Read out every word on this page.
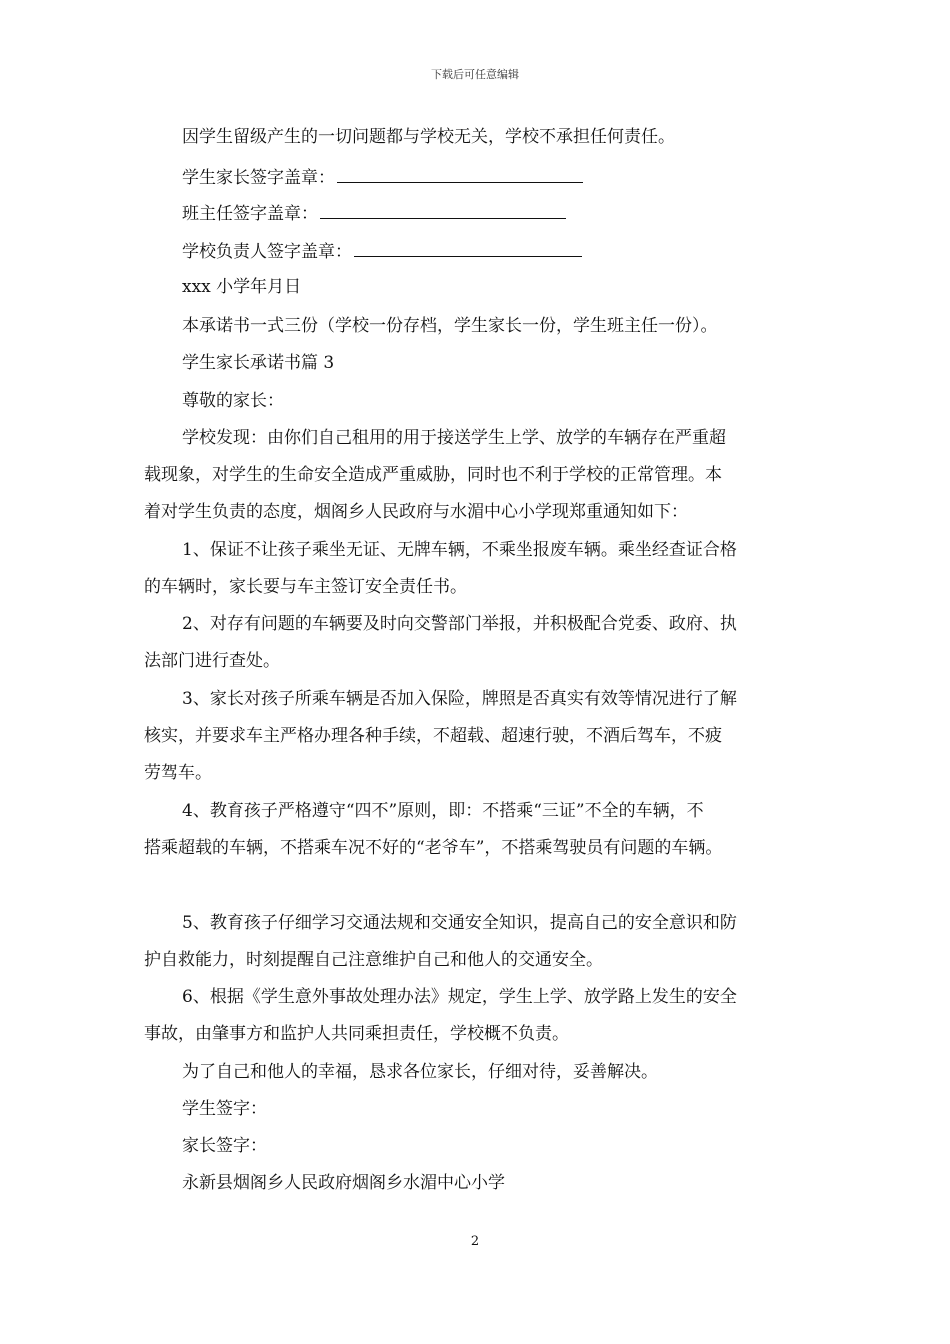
下载后可任意编辑
因学生留级产生的一切问题都与学校无关，学校不承担任何责任。
学生家长签字盖章：
班主任签字盖章：
学校负责人签字盖章：
xxx 小学年月日
本承诺书一式三份（学校一份存档，学生家长一份，学生班主任一份）。
学生家长承诺书篇 3
尊敬的家长：
学校发现：由你们自己租用的用于接送学生上学、放学的车辆存在严重超
载现象，对学生的生命安全造成严重威胁，同时也不利于学校的正常管理。本
着对学生负责的态度，烟阁乡人民政府与水湄中心小学现郑重通知如下：
1、保证不让孩子乘坐无证、无牌车辆，不乘坐报废车辆。乘坐经查证合格
的车辆时，家长要与车主签订安全责任书。
2、对存有问题的车辆要及时向交警部门举报，并积极配合党委、政府、执
法部门进行查处。
3、家长对孩子所乘车辆是否加入保险，牌照是否真实有效等情况进行了解
核实，并要求车主严格办理各种手续，不超载、超速行驶，不酒后驾车，不疲
劳驾车。
4、教育孩子严格遵守“四不”原则，即：不搭乘“三证”不全的车辆，不
搭乘超载的车辆，不搭乘车况不好的“老爷车”，不搭乘驾驶员有问题的车辆。
5、教育孩子仔细学习交通法规和交通安全知识，提高自己的安全意识和防
护自救能力，时刻提醒自己注意维护自己和他人的交通安全。
6、根据《学生意外事故处理办法》规定，学生上学、放学路上发生的安全
事故，由肇事方和监护人共同乘担责任，学校概不负责。
为了自己和他人的幸福，恳求各位家长，仔细对待，妥善解决。
学生签字：
家长签字：
永新县烟阁乡人民政府烟阁乡水湄中心小学
2
